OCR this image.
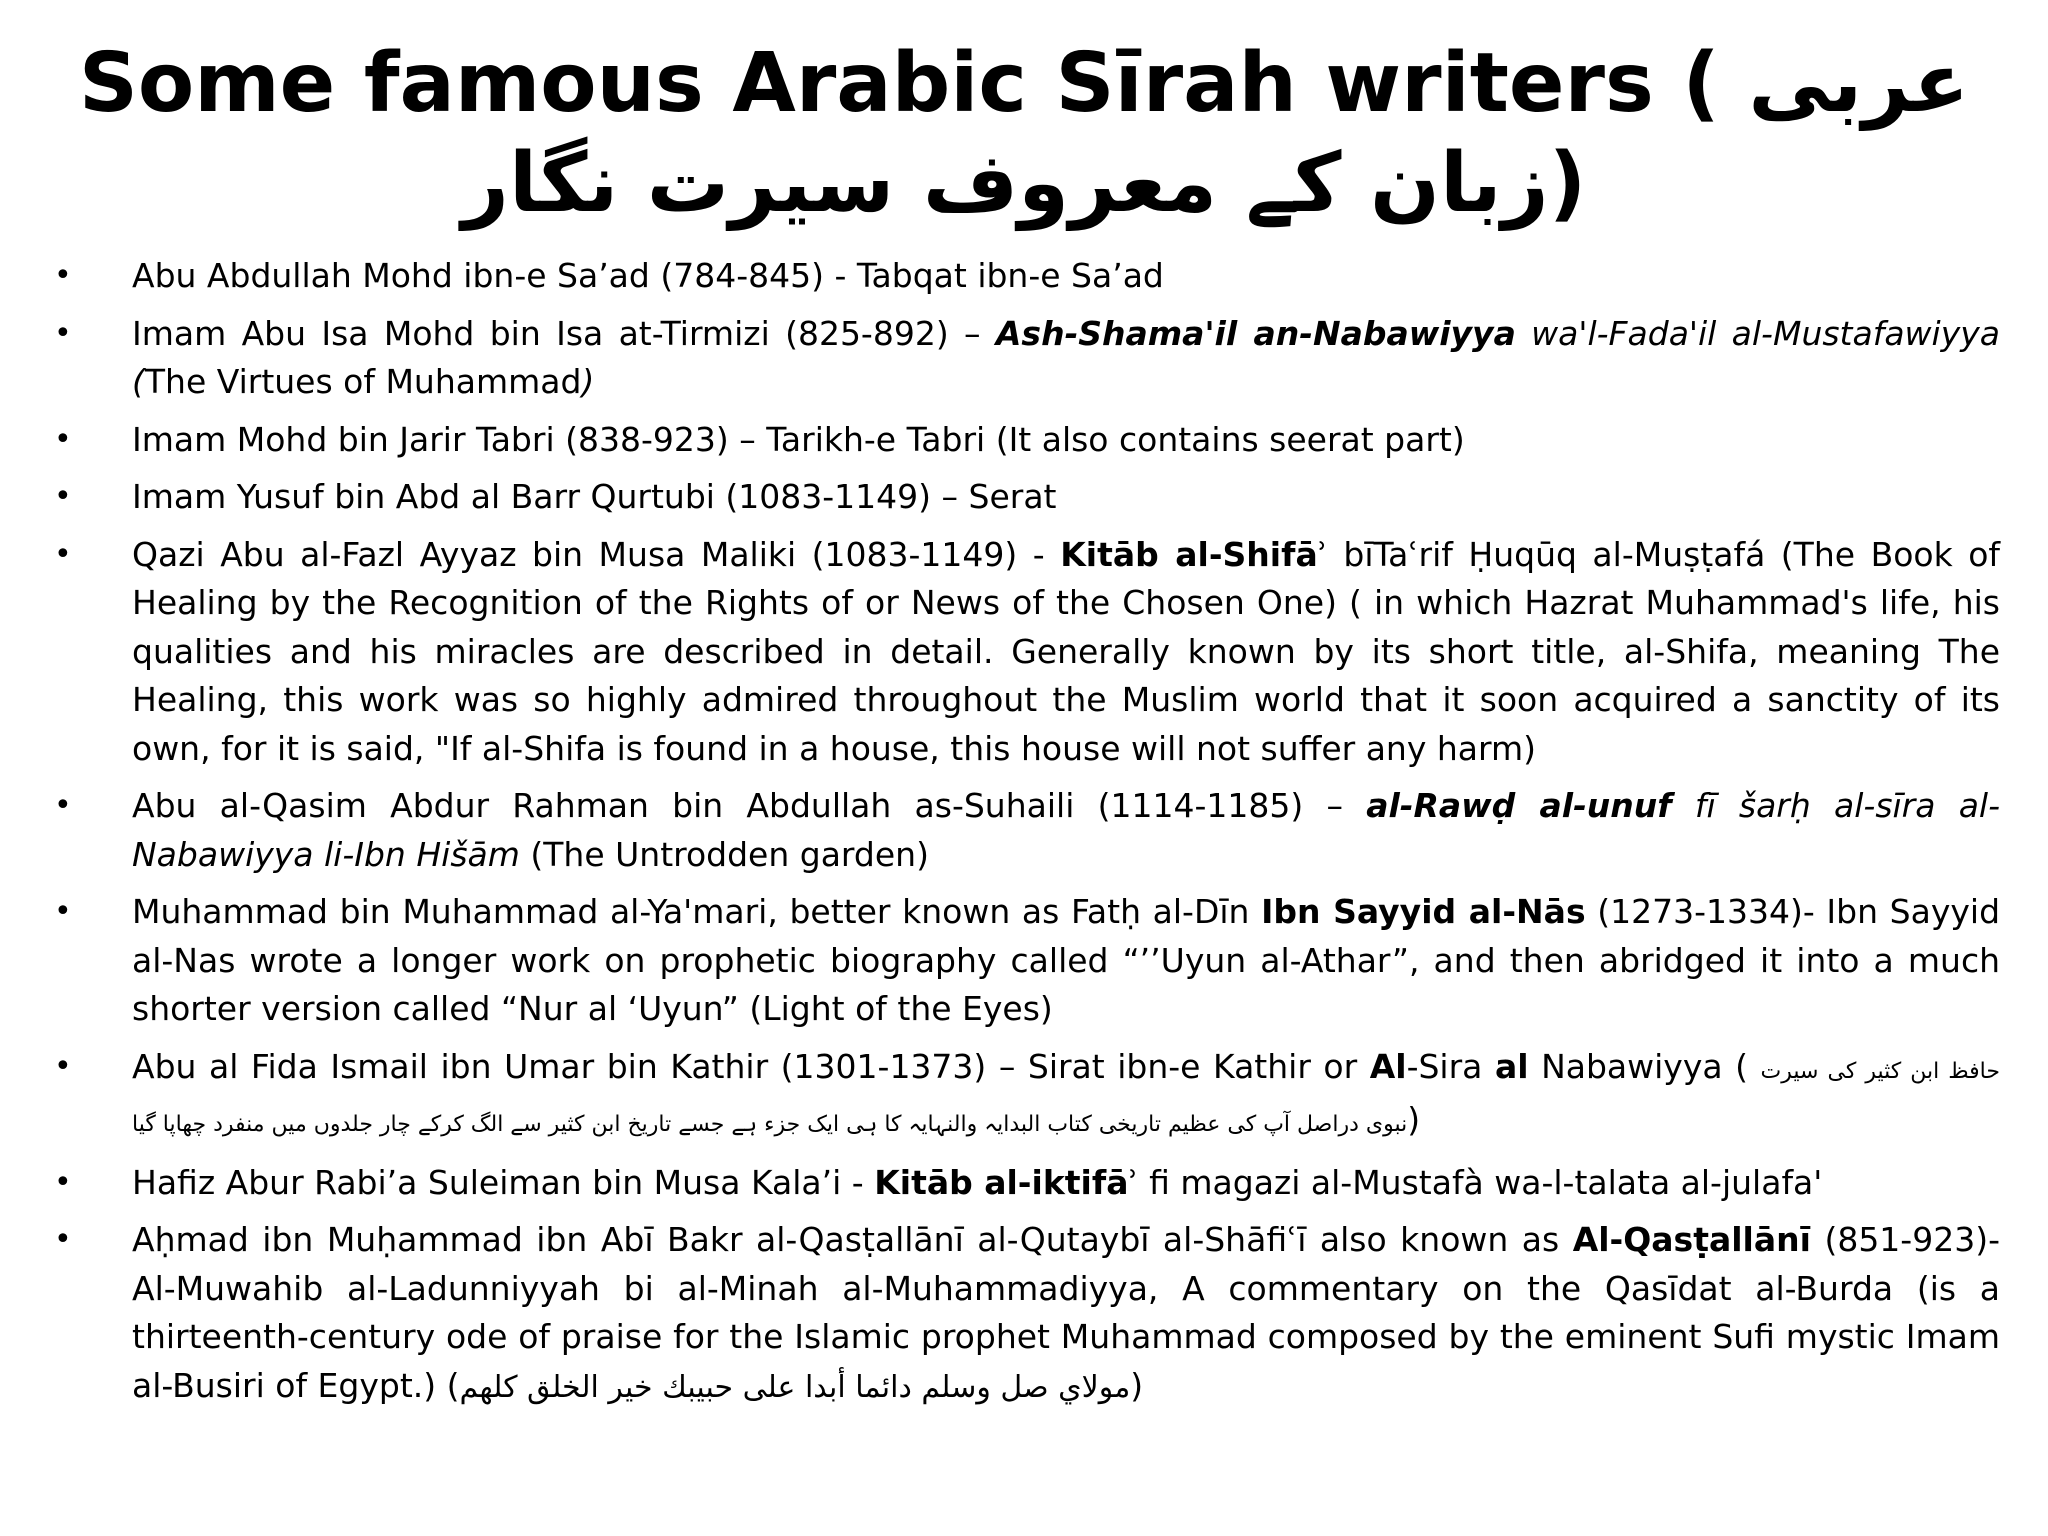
Some famous Arabic Sīrah writers ( عربی زبان کے معروف سیرت نگار)
• Abu Abdullah Mohd ibn-e Sa’ad (784-845) - Tabqat ibn-e Sa’ad
• Imam Abu Isa Mohd bin Isa at-Tirmizi (825-892) – Ash-Shama'il an-Nabawiyya wa'l-Fada'il al-Mustafawiyya (The Virtues of Muhammad)
• Imam Mohd bin Jarir Tabri (838-923) – Tarikh-e Tabri (It also contains seerat part)
• Imam Yusuf bin Abd al Barr Qurtubi (1083-1149) – Serat
• Qazi Abu al-Fazl Ayyaz bin Musa Maliki (1083-1149) - Kitāb al-Shifāʾ bīTaʿrif Ḥuqūq al-Muṣṭafá (The Book of Healing by the Recognition of the Rights of or News of the Chosen One) ( in which Hazrat Muhammad's life, his qualities and his miracles are described in detail. Generally known by its short title, al-Shifa, meaning The Healing, this work was so highly admired throughout the Muslim world that it soon acquired a sanctity of its own, for it is said, "If al-Shifa is found in a house, this house will not suffer any harm)
• Abu al-Qasim Abdur Rahman bin Abdullah as-Suhaili (1114-1185) – al-Rawḍ al-unuf fī šarḥ al-sīra al-Nabawiyya li-Ibn Hišām (The Untrodden garden)
• Muhammad bin Muhammad al-Ya'mari, better known as Fatḥ al-Dīn Ibn Sayyid al-Nās (1273-1334)- Ibn Sayyid al-Nas wrote a longer work on prophetic biography called “’’Uyun al-Athar”, and then abridged it into a much shorter version called “Nur al ‘Uyun” (Light of the Eyes)
• Abu al Fida Ismail ibn Umar bin Kathir (1301-1373) – Sirat ibn-e Kathir or Al-Sira al Nabawiyya ( حافظ ابن کثیر کی سیرت نبوی دراصل آپ کی عظیم تاریخی کتاب البدایہ والنہایہ کا ہی ایک جزء ہے جسے تاریخ ابن کثیر سے الگ کرکے چار جلدوں میں منفرد چھاپا گیا)
• Hafiz Abur Rabi’a Suleiman bin Musa Kala’i - Kitāb al-iktifāʾ fi magazi al-Mustafà wa-l-talata al-julafa'
• Aḥmad ibn Muḥammad ibn Abī Bakr al-Qasṭallānī al-Qutaybī al-Shāfiʿī also known as Al-Qasṭallānī (851-923)- Al-Muwahib al-Ladunniyyah bi al-Minah al-Muhammadiyya, A commentary on the Qasīdat al-Burda (is a thirteenth-century ode of praise for the Islamic prophet Muhammad composed by the eminent Sufi mystic Imam al-Busiri of Egypt.) (مولاي صل وسلم دائما أبدا على حبيبك خير الخلق كلهم)
